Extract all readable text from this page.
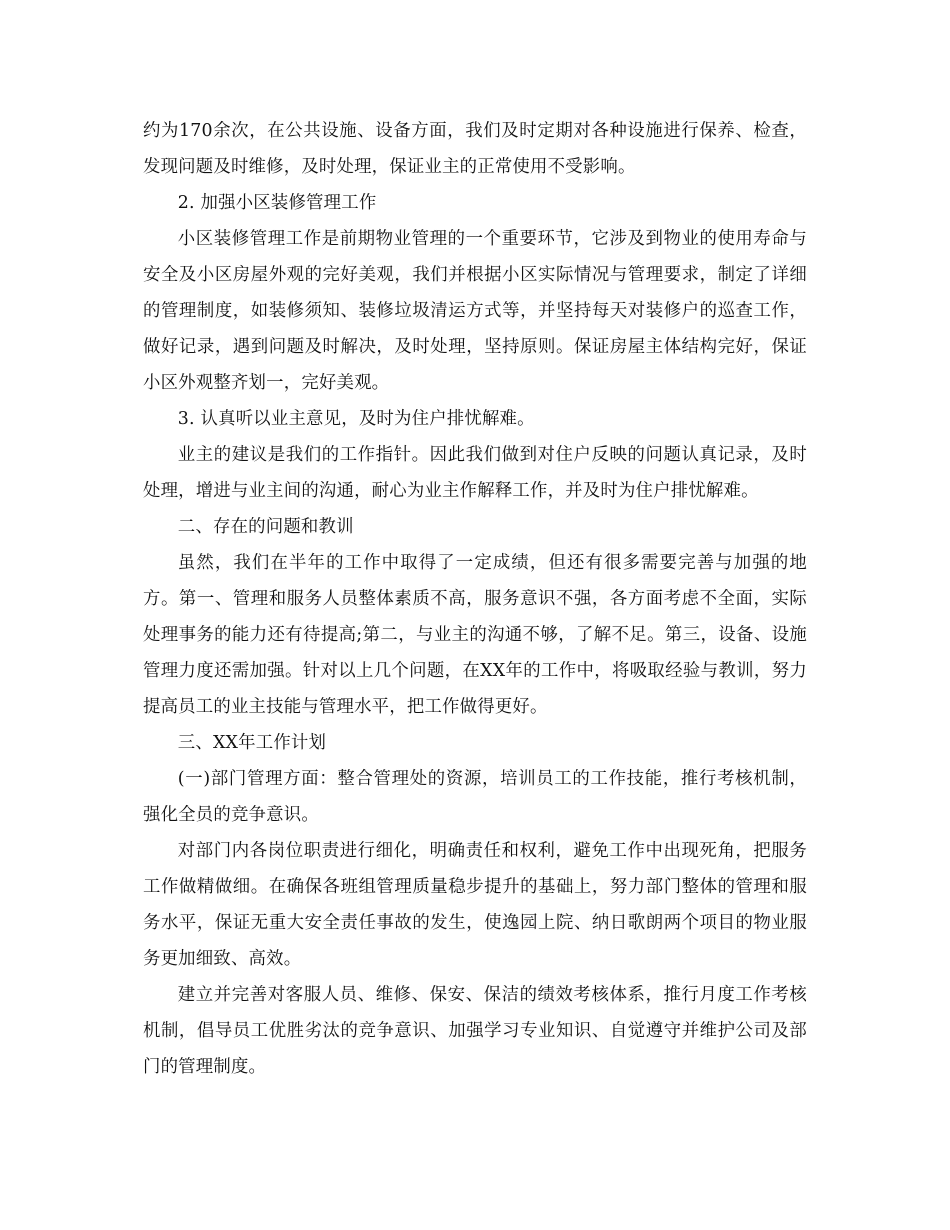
约为170余次，在公共设施、设备方面，我们及时定期对各种设施进行保养、检查，发现问题及时维修，及时处理，保证业主的正常使用不受影响。

2. 加强小区装修管理工作

小区装修管理工作是前期物业管理的一个重要环节，它涉及到物业的使用寿命与安全及小区房屋外观的完好美观，我们并根据小区实际情况与管理要求，制定了详细的管理制度，如装修须知、装修垃圾清运方式等，并坚持每天对装修户的巡查工作，做好记录，遇到问题及时解决，及时处理，坚持原则。保证房屋主体结构完好，保证小区外观整齐划一，完好美观。

3. 认真听以业主意见，及时为住户排忧解难。

业主的建议是我们的工作指针。因此我们做到对住户反映的问题认真记录，及时处理，增进与业主间的沟通，耐心为业主作解释工作，并及时为住户排忧解难。

二、存在的问题和教训

虽然，我们在半年的工作中取得了一定成绩，但还有很多需要完善与加强的地方。第一、管理和服务人员整体素质不高，服务意识不强，各方面考虑不全面，实际处理事务的能力还有待提高;第二，与业主的沟通不够，了解不足。第三，设备、设施管理力度还需加强。针对以上几个问题，在XX年的工作中，将吸取经验与教训，努力提高员工的业主技能与管理水平，把工作做得更好。

三、XX年工作计划

(一)部门管理方面：整合管理处的资源，培训员工的工作技能，推行考核机制，强化全员的竞争意识。

对部门内各岗位职责进行细化，明确责任和权利，避免工作中出现死角，把服务工作做精做细。在确保各班组管理质量稳步提升的基础上，努力部门整体的管理和服务水平，保证无重大安全责任事故的发生，使逸园上院、纳日歌朗两个项目的物业服务更加细致、高效。

建立并完善对客服人员、维修、保安、保洁的绩效考核体系，推行月度工作考核机制，倡导员工优胜劣汰的竞争意识、加强学习专业知识、自觉遵守并维护公司及部门的管理制度。
